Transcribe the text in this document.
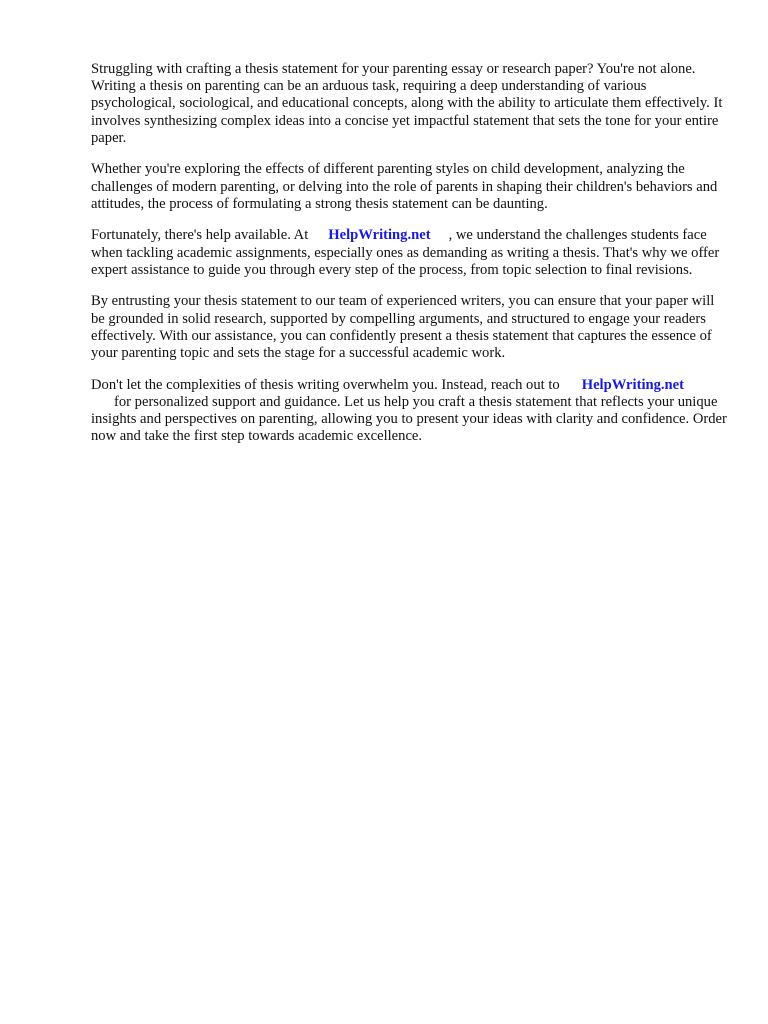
Struggling with crafting a thesis statement for your parenting essay or research paper? You're not alone. Writing a thesis on parenting can be an arduous task, requiring a deep understanding of various psychological, sociological, and educational concepts, along with the ability to articulate them effectively. It involves synthesizing complex ideas into a concise yet impactful statement that sets the tone for your entire paper.

Whether you're exploring the effects of different parenting styles on child development, analyzing the challenges of modern parenting, or delving into the role of parents in shaping their children's behaviors and attitudes, the process of formulating a strong thesis statement can be daunting.

Fortunately, there's help available. At HelpWriting.net , we understand the challenges students face when tackling academic assignments, especially ones as demanding as writing a thesis. That's why we offer expert assistance to guide you through every step of the process, from topic selection to final revisions.

By entrusting your thesis statement to our team of experienced writers, you can ensure that your paper will be grounded in solid research, supported by compelling arguments, and structured to engage your readers effectively. With our assistance, you can confidently present a thesis statement that captures the essence of your parenting topic and sets the stage for a successful academic work.

Don't let the complexities of thesis writing overwhelm you. Instead, reach out to HelpWriting.net
for personalized support and guidance. Let us help you craft a thesis statement that reflects your unique insights and perspectives on parenting, allowing you to present your ideas with clarity and confidence. Order now and take the first step towards academic excellence.
